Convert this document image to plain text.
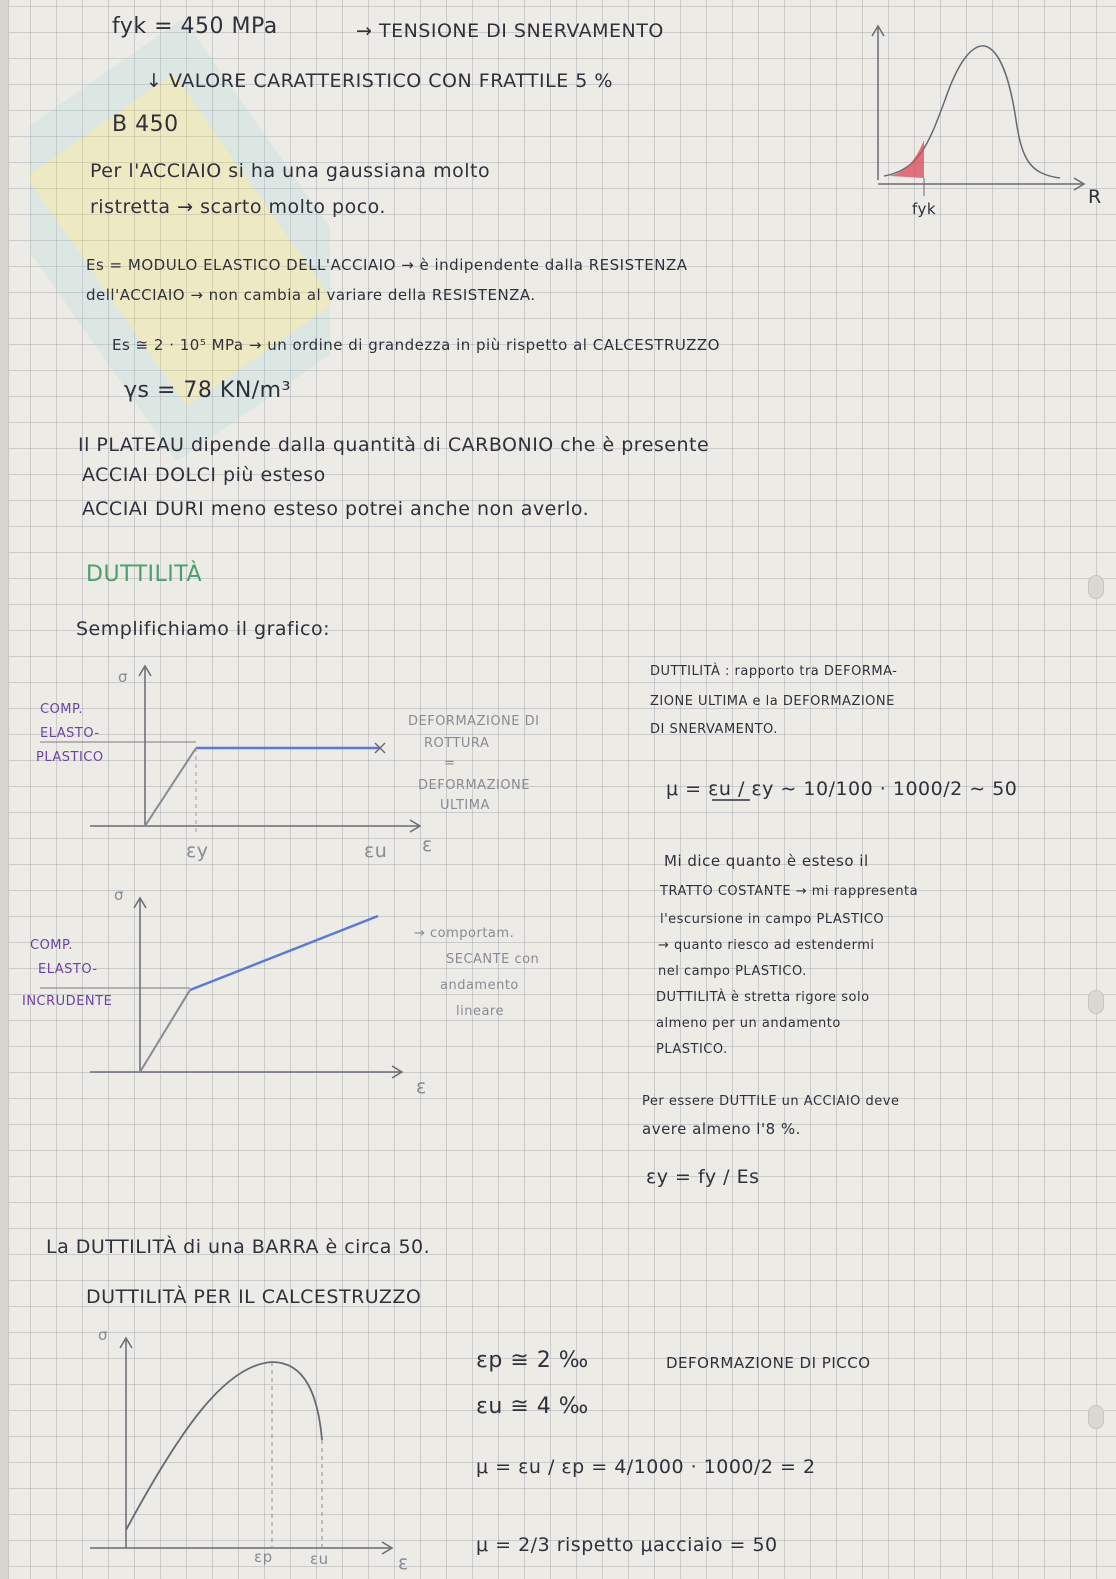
fyk = 450 MPa	→ TENSIONE DI SNERVAMENTO
↓ VALORE CARATTERISTICO CON FRATTILE 5 %
B 450
Per l'ACCIAIO si ha una gaussiana molto
ristretta → scarto molto poco.	R
fyk
Es = MODULO ELASTICO DELL'ACCIAIO → è indipendente dalla RESISTENZA
dell'ACCIAIO → non cambia al variare della RESISTENZA.
Es ≅ 2 · 10⁵ MPa → un ordine di grandezza in più rispetto al CALCESTRUZZO
γs = 78 KN/m³
Il PLATEAU dipende dalla quantità di CARBONIO che è presente
ACCIAI DOLCI più esteso
ACCIAI DURI meno esteso potrei anche non averlo.
DUTTILITÀ
Semplifichiamo il grafico:
COMP.
ELASTO-
PLASTICO
σ
ε
εy	εu
DEFORMAZIONE DI
ROTTURA
=
DEFORMAZIONE
ULTIMA
COMP.
ELASTO-
INCRUDENTE
σ
ε
→ comportam.
SECANTE con
andamento
lineare
DUTTILITÀ : rapporto tra DEFORMA-
ZIONE ULTIMA e la DEFORMAZIONE
DI SNERVAMENTO.
μ = εu / εy ∼ 10/100 · 1000/2 ∼ 50
Mi dice quanto è esteso il
TRATTO COSTANTE → mi rappresenta
l'escursione in campo PLASTICO
→ quanto riesco ad estendermi
nel campo PLASTICO.
DUTTILITÀ è stretta rigore solo
almeno per un andamento
PLASTICO.
Per essere DUTTILE un ACCIAIO deve
avere almeno l'8 %.
εy = fy / Es
La DUTTILITÀ di una BARRA è circa 50.
DUTTILITÀ PER IL CALCESTRUZZO
σ
ε
εp εu
εp ≅ 2 ‰	DEFORMAZIONE DI PICCO
εu ≅ 4 ‰
μ = εu / εp = 4/1000 · 1000/2 = 2
μ = 2/3 rispetto μacciaio = 50
